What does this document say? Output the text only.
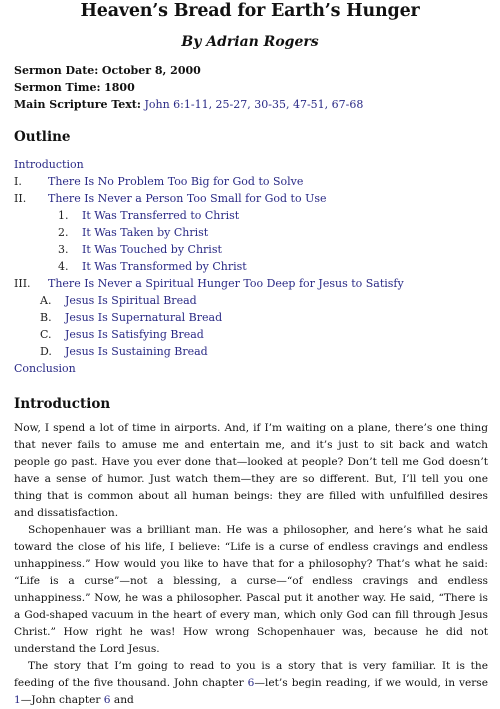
Heaven’s Bread for Earth’s Hunger
By Adrian Rogers
Sermon Date: October 8, 2000
Sermon Time: 1800
Main Scripture Text: John 6:1-11, 25-27, 30-35, 47-51, 67-68
Outline
Introduction
I. There Is No Problem Too Big for God to Solve
II. There Is Never a Person Too Small for God to Use
1. It Was Transferred to Christ
2. It Was Taken by Christ
3. It Was Touched by Christ
4. It Was Transformed by Christ
III. There Is Never a Spiritual Hunger Too Deep for Jesus to Satisfy
A. Jesus Is Spiritual Bread
B. Jesus Is Supernatural Bread
C. Jesus Is Satisfying Bread
D. Jesus Is Sustaining Bread
Conclusion
Introduction

Now, I spend a lot of time in airports. And, if I’m waiting on a plane, there’s one thing that never fails to amuse me and entertain me, and it’s just to sit back and watch people go past. Have you ever done that—looked at people? Don’t tell me God doesn’t have a sense of humor. Just watch them—they are so different. But, I’ll tell you one thing that is common about all human beings: they are filled with unfulfilled desires and dissatisfaction.

Schopenhauer was a brilliant man. He was a philosopher, and here’s what he said toward the close of his life, I believe: “Life is a curse of endless cravings and endless unhappiness.” How would you like to have that for a philosophy? That’s what he said: “Life is a curse”—not a blessing, a curse—“of endless cravings and endless unhappiness.” Now, he was a philosopher. Pascal put it another way. He said, “There is a God-shaped vacuum in the heart of every man, which only God can fill through Jesus Christ.” How right he was! How wrong Schopenhauer was, because he did not understand the Lord Jesus.

The story that I’m going to read to you is a story that is very familiar. It is the feeding of the five thousand. John chapter 6—let’s begin reading, if we would, in verse 1—John chapter 6 and
